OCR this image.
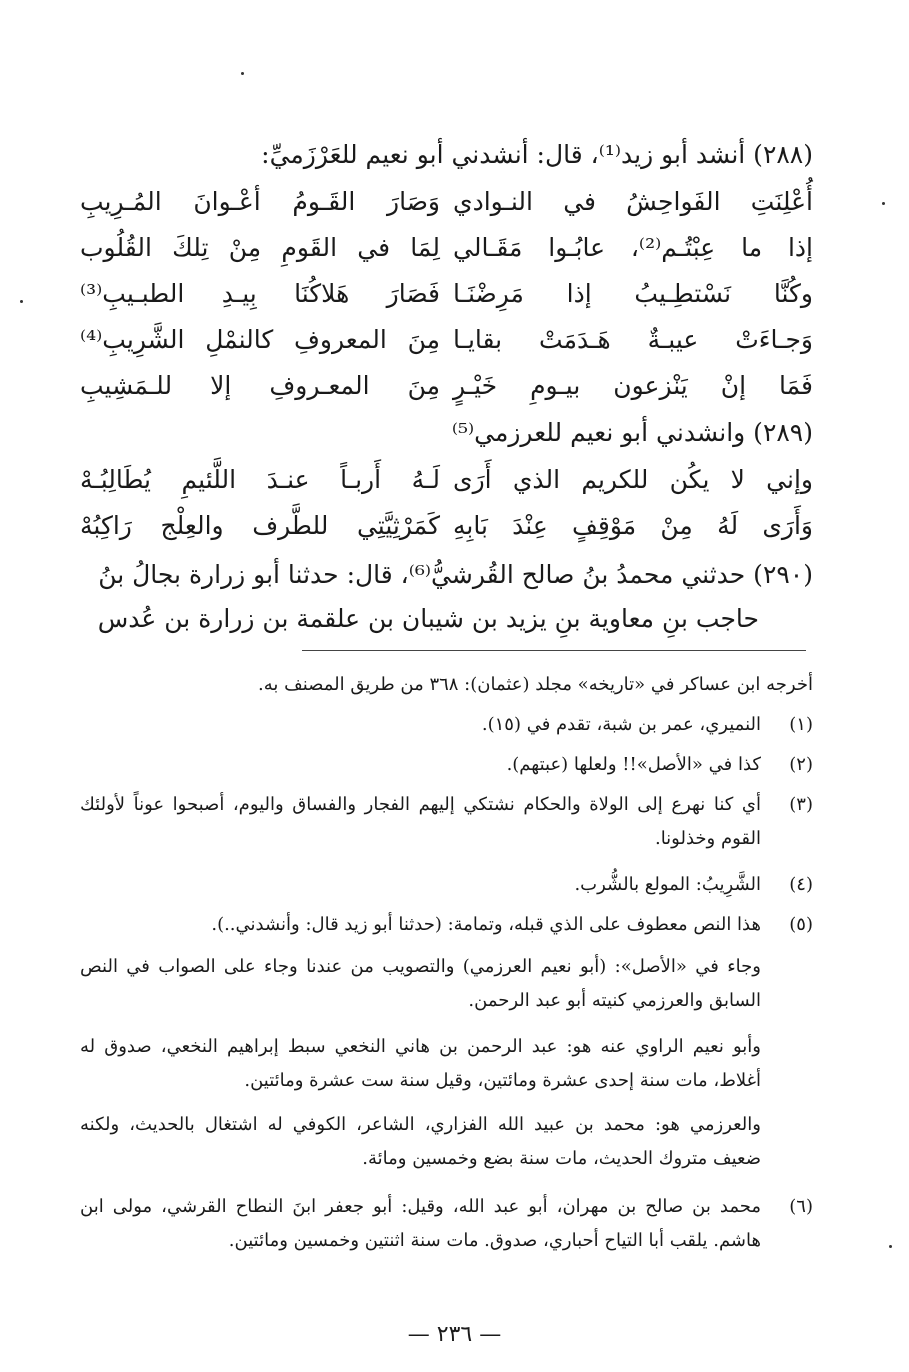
(٢٨٨) أنشد أبو زيد⁽¹⁾، قال: أنشدني أبو نعيم للعَرْزَميِّ:
أُعْلِنَتِ الفَواحِشُ في النـوادي
وَصَارَ القَـومُ أعْـوانَ المُـرِيبِ
إذا ما عِبْتُـم⁽²⁾، عابُـوا مَقَـالي
لِمَا في القَومِ مِنْ تِلكَ القُلُوب
وكُنَّا نَسْتطِـيبُ إذا مَرِضْنَـا
فَصَارَ هَلاكُنَا بِيـدِ الطبـيبِ⁽³⁾
وَجـاءَتْ عيبـةٌ هَـدَمَتْ بقايـا
مِنَ المعروفِ كالنمْلِ الشَّرِيبِ⁽⁴⁾
فَمَا إنْ يَنْزعون بيـومِ خَيْـرٍ
مِنَ المعـروفِ إلا للـمَشِيبِ
(٢٨٩) وانشدني أبو نعيم للعرزمي⁽⁵⁾
وإني لا يكُن للكريم الذي أَرَى
لَـهُ أَربـاً عنـدَ اللَّئيمِ يُطَالِبُـهْ
وَأَرَى لَهُ مِنْ مَوْقِفٍ عِنْدَ بَابِهِ
كَمَرْثِيَّتِي للطَّرف والعِلْج رَاكِبُهْ
(٢٩٠) حدثني محمدُ بنُ صالح القُرشيُّ⁽⁶⁾، قال: حدثنا أبو زرارة بجالُ بنُ
حاجب بنِ معاوية بنِ يزيد بن شيبان بن علقمة بن زرارة بن عُدس
أخرجه ابن عساكر في «تاريخه» مجلد (عثمان): ٣٦٨ من طريق المصنف به.
(١)
النميري، عمر بن شبة، تقدم في (١٥).
(٢)
كذا في «الأصل»!! ولعلها (عبتهم).
(٣)
أي كنا نهرع إلى الولاة والحكام نشتكي إليهم الفجار والفساق واليوم، أصبحوا عوناً لأولئك القوم وخذلونا.
(٤)
الشَّرِيبُ: المولع بالشُّرب.
(٥)
هذا النص معطوف على الذي قبله، وتمامة: (حدثنا أبو زيد قال: وأنشدني..).
وجاء في «الأصل»: (أبو نعيم العرزمي) والتصويب من عندنا وجاء على الصواب في النص السابق والعرزمي كنيته أبو عبد الرحمن.
وأبو نعيم الراوي عنه هو: عبد الرحمن بن هاني النخعي سبط إبراهيم النخعي، صدوق له أغلاط، مات سنة إحدى عشرة ومائتين، وقيل سنة ست عشرة ومائتين.
والعرزمي هو: محمد بن عبيد الله الفزاري، الشاعر، الكوفي له اشتغال بالحديث، ولكنه ضعيف متروك الحديث، مات سنة بضع وخمسين ومائة.
(٦)
محمد بن صالح بن مهران، أبو عبد الله، وقيل: أبو جعفر ابنَ النطاح القرشي، مولى ابن هاشم. يلقب أبا التياح أحباري، صدوق. مات سنة اثنتين وخمسين ومائتين.
— ٢٣٦ —
